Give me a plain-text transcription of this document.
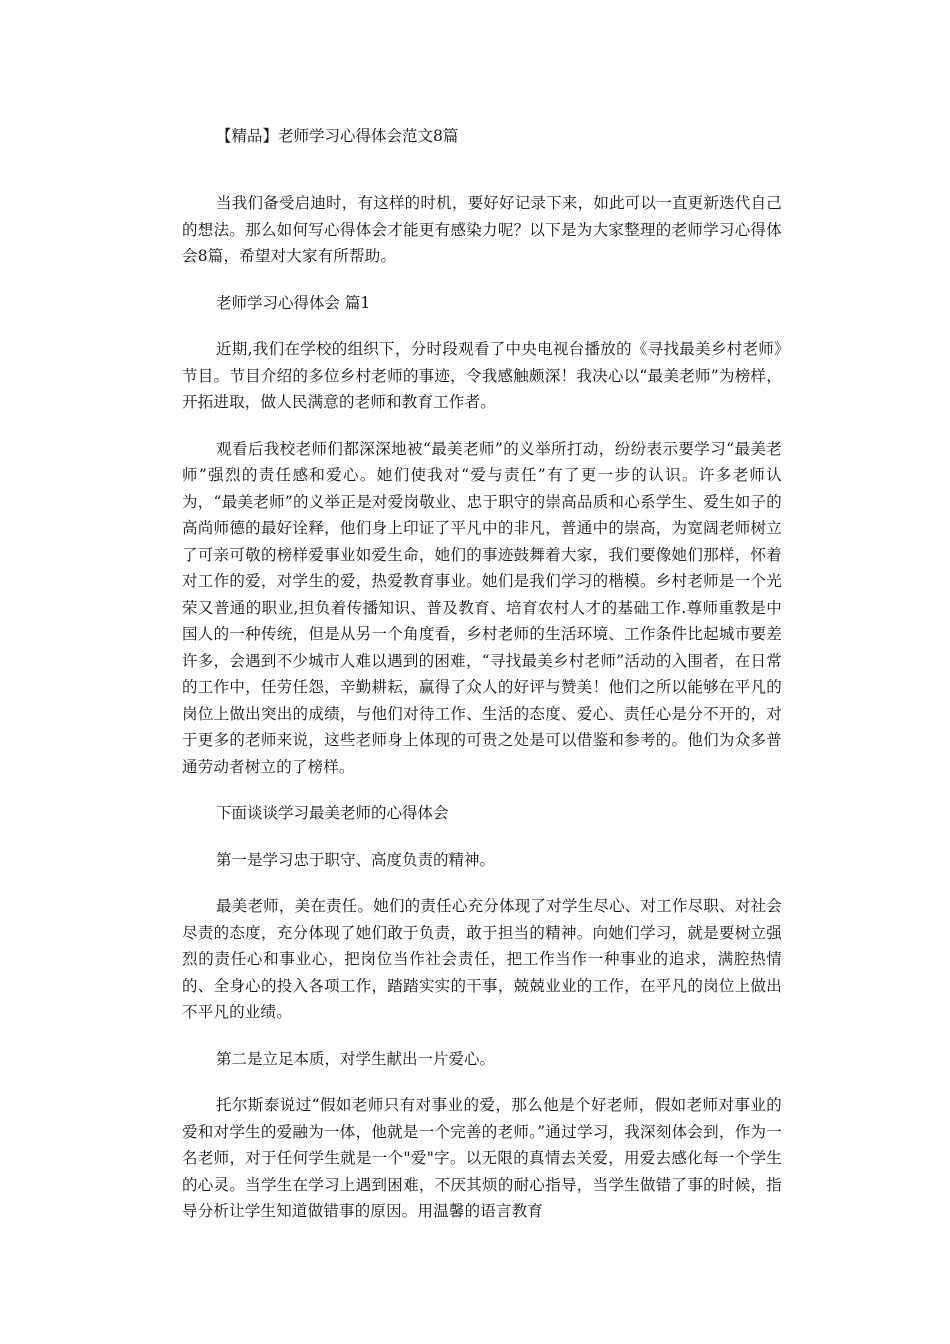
【精品】老师学习心得体会范文8篇

当我们备受启迪时，有这样的时机，要好好记录下来，如此可以一直更新迭代自己的想法。那么如何写心得体会才能更有感染力呢？以下是为大家整理的老师学习心得体会8篇，希望对大家有所帮助。

老师学习心得体会 篇1

近期,我们在学校的组织下，分时段观看了中央电视台播放的《寻找最美乡村老师》节目。节目介绍的多位乡村老师的事迹，令我感触颇深！我决心以“最美老师”为榜样，开拓进取，做人民满意的老师和教育工作者。

观看后我校老师们都深深地被“最美老师”的义举所打动，纷纷表示要学习“最美老师”强烈的责任感和爱心。她们使我对“爱与责任”有了更一步的认识。许多老师认为，“最美老师”的义举正是对爱岗敬业、忠于职守的崇高品质和心系学生、爱生如子的高尚师德的最好诠释，他们身上印证了平凡中的非凡，普通中的崇高，为宽阔老师树立了可亲可敬的榜样爱事业如爱生命，她们的事迹鼓舞着大家，我们要像她们那样，怀着对工作的爱，对学生的爱，热爱教育事业。她们是我们学习的楷模。乡村老师是一个光荣又普通的职业,担负着传播知识、普及教育、培育农村人才的基础工作.尊师重教是中国人的一种传统，但是从另一个角度看，乡村老师的生活环境、工作条件比起城市要差许多，会遇到不少城市人难以遇到的困难，“寻找最美乡村老师”活动的入围者，在日常的工作中，任劳任怨，辛勤耕耘，赢得了众人的好评与赞美！他们之所以能够在平凡的岗位上做出突出的成绩，与他们对待工作、生活的态度、爱心、责任心是分不开的，对于更多的老师来说，这些老师身上体现的可贵之处是可以借鉴和参考的。他们为众多普通劳动者树立的了榜样。

下面谈谈学习最美老师的心得体会
第一是学习忠于职守、高度负责的精神。

最美老师，美在责任。她们的责任心充分体现了对学生尽心、对工作尽职、对社会尽责的态度，充分体现了她们敢于负责，敢于担当的精神。向她们学习，就是要树立强烈的责任心和事业心，把岗位当作社会责任，把工作当作一种事业的追求，满腔热情的、全身心的投入各项工作，踏踏实实的干事，兢兢业业的工作，在平凡的岗位上做出不平凡的业绩。

第二是立足本质，对学生献出一片爱心。

托尔斯泰说过“假如老师只有对事业的爱，那么他是个好老师，假如老师对事业的爱和对学生的爱融为一体，他就是一个完善的老师。”通过学习，我深刻体会到，作为一名老师，对于任何学生就是一个"爱"字。以无限的真情去关爱，用爱去感化每一个学生的心灵。当学生在学习上遇到困难，不厌其烦的耐心指导，当学生做错了事的时候，指导分析让学生知道做错事的原因。用温馨的语言教育
